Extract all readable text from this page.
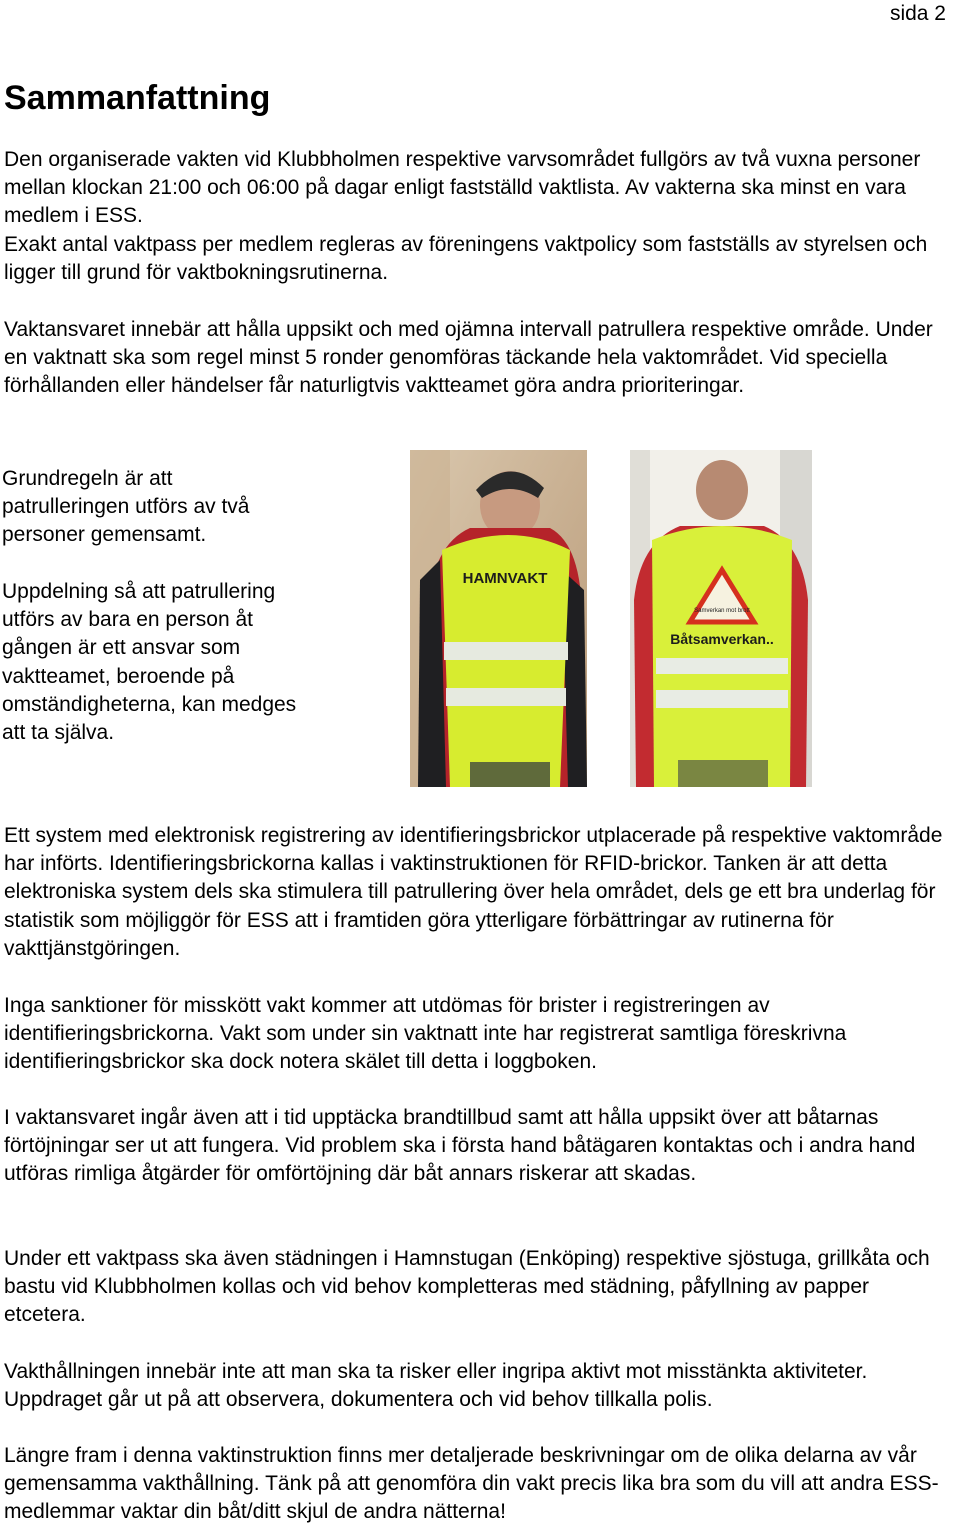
sida 2
Sammanfattning

Den organiserade vakten vid Klubbholmen respektive varvsområdet fullgörs av två vuxna personer mellan klockan 21:00 och 06:00 på dagar enligt fastställd vaktlista. Av vakterna ska minst en vara medlem i ESS.

Exakt antal vaktpass per medlem regleras av föreningens vaktpolicy som fastställs av styrelsen och ligger till grund för vaktbokningsrutinerna.

Vaktansvaret innebär att hålla uppsikt och med ojämna intervall patrullera respektive område. Under en vaktnatt ska som regel minst 5 ronder genomföras täckande hela vaktområdet. Vid speciella förhållanden eller händelser får naturligtvis vaktteamet göra andra prioriteringar.

Grundregeln är att patrulleringen utförs av två personer gemensamt.

Uppdelning så att patrullering utförs av bara en person åt gången är ett ansvar som vaktteamet, beroende på omständigheterna, kan medges att ta själva.

HAMNVAKT
Samverkan mot brott
Båtsamverkan..

Ett system med elektronisk registrering av identifieringsbrickor utplacerade på respektive vaktområde har införts. Identifieringsbrickorna kallas i vaktinstruktionen för RFID-brickor. Tanken är att detta elektroniska system dels ska stimulera till patrullering över hela området, dels ge ett bra underlag för statistik som möjliggör för ESS att i framtiden göra ytterligare förbättringar av rutinerna för vakttjänstgöringen.

Inga sanktioner för misskött vakt kommer att utdömas för brister i registreringen av identifieringsbrickorna. Vakt som under sin vaktnatt inte har registrerat samtliga föreskrivna identifieringsbrickor ska dock notera skälet till detta i loggboken.

I vaktansvaret ingår även att i tid upptäcka brandtillbud samt att hålla uppsikt över att båtarnas förtöjningar ser ut att fungera. Vid problem ska i första hand båtägaren kontaktas och i andra hand utföras rimliga åtgärder för omförtöjning där båt annars riskerar att skadas.

Under ett vaktpass ska även städningen i Hamnstugan (Enköping) respektive sjöstuga, grillkåta och bastu vid Klubbholmen kollas och vid behov kompletteras med städning, påfyllning av papper etcetera.

Vakthållningen innebär inte att man ska ta risker eller ingripa aktivt mot misstänkta aktiviteter. Uppdraget går ut på att observera, dokumentera och vid behov tillkalla polis.

Längre fram i denna vaktinstruktion finns mer detaljerade beskrivningar om de olika delarna av vår gemensamma vakthållning. Tänk på att genomföra din vakt precis lika bra som du vill att andra ESS-medlemmar vaktar din båt/ditt skjul de andra nätterna!
